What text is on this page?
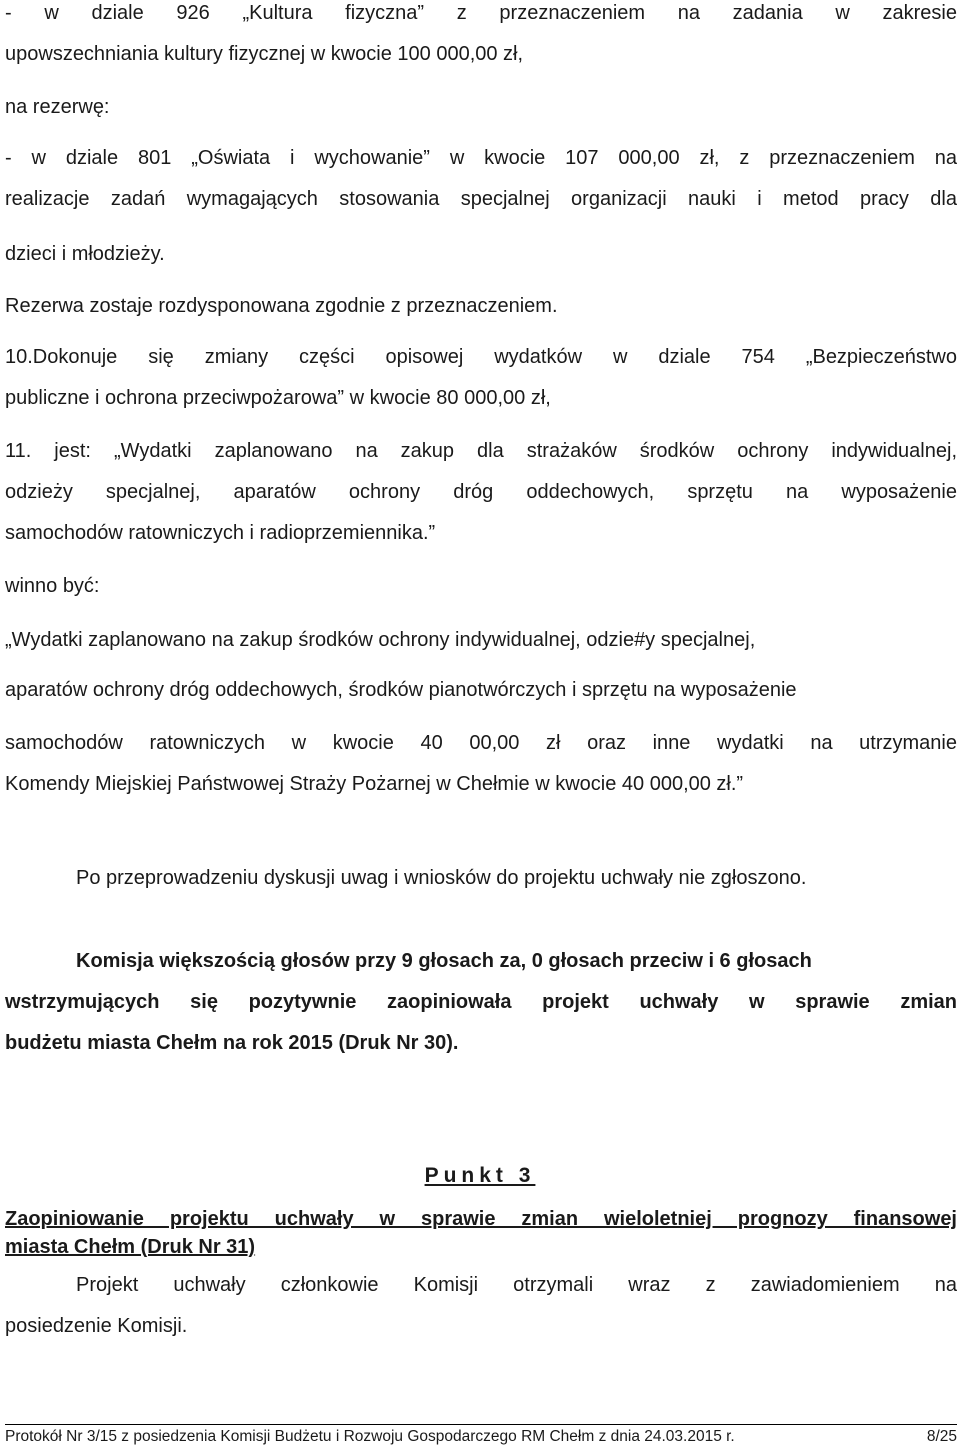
- w dziale 926 „Kultura fizyczna” z przeznaczeniem na zadania w zakresie
upowszechniania kultury fizycznej w kwocie 100 000,00 zł,
na rezerwę:
- w dziale 801 „Oświata i wychowanie” w kwocie 107 000,00 zł, z przeznaczeniem na
realizacje zadań wymagających stosowania specjalnej organizacji nauki i metod pracy dla
dzieci i młodzieży.
Rezerwa zostaje rozdysponowana zgodnie z przeznaczeniem.
10.Dokonuje się zmiany części opisowej wydatków w dziale 754 „Bezpieczeństwo
publiczne i ochrona przeciwpożarowa” w kwocie 80 000,00 zł,
11. jest: „Wydatki zaplanowano na zakup dla strażaków środków ochrony indywidualnej,
odzieży specjalnej, aparatów ochrony dróg oddechowych, sprzętu na wyposażenie
samochodów ratowniczych i radioprzemiennika.”
winno być:
„Wydatki zaplanowano na zakup środków ochrony indywidualnej, odzie#y specjalnej,
aparatów ochrony dróg oddechowych, środków pianotwórczych i sprzętu na wyposażenie
samochodów ratowniczych w kwocie 40 00,00 zł oraz inne wydatki na utrzymanie
Komendy Miejskiej Państwowej Straży Pożarnej w Chełmie w kwocie 40 000,00 zł.”
Po przeprowadzeniu dyskusji uwag i wniosków do projektu uchwały nie zgłoszono.
Komisja większością głosów przy 9 głosach za, 0 głosach przeciw i 6 głosach
wstrzymujących się pozytywnie zaopiniowała projekt uchwały w sprawie zmian
budżetu miasta Chełm na rok 2015 (Druk Nr 30).
Punkt 3
Zaopiniowanie projektu uchwały w sprawie zmian wieloletniej prognozy finansowej
miasta Chełm (Druk Nr 31)
Projekt uchwały członkowie Komisji otrzymali wraz z zawiadomieniem na
posiedzenie Komisji.
Protokół Nr 3/15 z posiedzenia Komisji Budżetu i Rozwoju Gospodarczego RM Chełm z dnia 24.03.2015 r.	8/25
